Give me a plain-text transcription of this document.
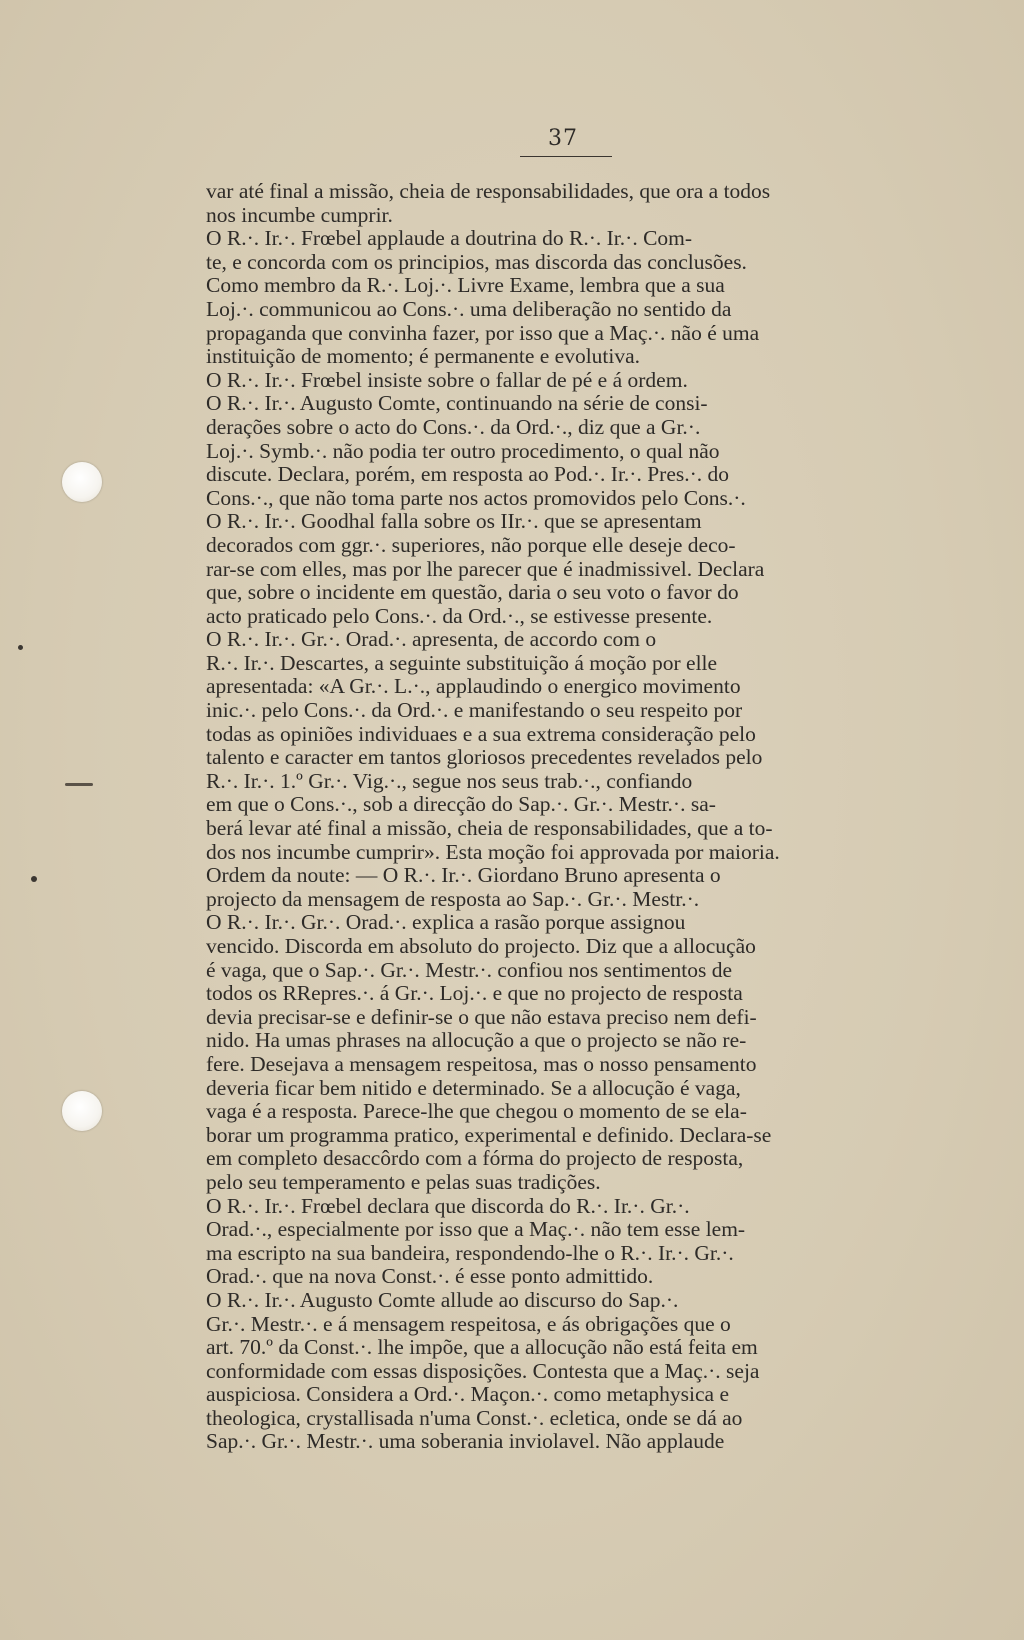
37
var até final a missão, cheia de responsabilidades, que ora a todos
nos incumbe cumprir.
O R.·. Ir.·. Frœbel applaude a doutrina do R.·. Ir.·. Com-
te, e concorda com os principios, mas discorda das conclusões.
Como membro da R.·. Loj.·. Livre Exame, lembra que a sua
Loj.·. communicou ao Cons.·. uma deliberação no sentido da
propaganda que convinha fazer, por isso que a Maç.·. não é uma
instituição de momento; é permanente e evolutiva.
O R.·. Ir.·. Frœbel insiste sobre o fallar de pé e á ordem.
O R.·. Ir.·. Augusto Comte, continuando na série de consi-
derações sobre o acto do Cons.·. da Ord.·., diz que a Gr.·.
Loj.·. Symb.·. não podia ter outro procedimento, o qual não
discute. Declara, porém, em resposta ao Pod.·. Ir.·. Pres.·. do
Cons.·., que não toma parte nos actos promovidos pelo Cons.·.
O R.·. Ir.·. Goodhal falla sobre os IIr.·. que se apresentam
decorados com ggr.·. superiores, não porque elle deseje deco-
rar-se com elles, mas por lhe parecer que é inadmissivel. Declara
que, sobre o incidente em questão, daria o seu voto o favor do
acto praticado pelo Cons.·. da Ord.·., se estivesse presente.
O R.·. Ir.·. Gr.·. Orad.·. apresenta, de accordo com o
R.·. Ir.·. Descartes, a seguinte substituição á moção por elle
apresentada: «A Gr.·. L.·., applaudindo o energico movimento
inic.·. pelo Cons.·. da Ord.·. e manifestando o seu respeito por
todas as opiniões individuaes e a sua extrema consideração pelo
talento e caracter em tantos gloriosos precedentes revelados pelo
R.·. Ir.·. 1.º Gr.·. Vig.·., segue nos seus trab.·., confiando
em que o Cons.·., sob a direcção do Sap.·. Gr.·. Mestr.·. sa-
berá levar até final a missão, cheia de responsabilidades, que a to-
dos nos incumbe cumprir». Esta moção foi approvada por maioria.
Ordem da noute: — O R.·. Ir.·. Giordano Bruno apresenta o
projecto da mensagem de resposta ao Sap.·. Gr.·. Mestr.·.
O R.·. Ir.·. Gr.·. Orad.·. explica a rasão porque assignou
vencido. Discorda em absoluto do projecto. Diz que a allocução
é vaga, que o Sap.·. Gr.·. Mestr.·. confiou nos sentimentos de
todos os RRepres.·. á Gr.·. Loj.·. e que no projecto de resposta
devia precisar-se e definir-se o que não estava preciso nem defi-
nido. Ha umas phrases na allocução a que o projecto se não re-
fere. Desejava a mensagem respeitosa, mas o nosso pensamento
deveria ficar bem nitido e determinado. Se a allocução é vaga,
vaga é a resposta. Parece-lhe que chegou o momento de se ela-
borar um programma pratico, experimental e definido. Declara-se
em completo desaccôrdo com a fórma do projecto de resposta,
pelo seu temperamento e pelas suas tradições.
O R.·. Ir.·. Frœbel declara que discorda do R.·. Ir.·. Gr.·.
Orad.·., especialmente por isso que a Maç.·. não tem esse lem-
ma escripto na sua bandeira, respondendo-lhe o R.·. Ir.·. Gr.·.
Orad.·. que na nova Const.·. é esse ponto admittido.
O R.·. Ir.·. Augusto Comte allude ao discurso do Sap.·.
Gr.·. Mestr.·. e á mensagem respeitosa, e ás obrigações que o
art. 70.º da Const.·. lhe impõe, que a allocução não está feita em
conformidade com essas disposições. Contesta que a Maç.·. seja
auspiciosa. Considera a Ord.·. Maçon.·. como metaphysica e
theologica, crystallisada n'uma Const.·. ecletica, onde se dá ao
Sap.·. Gr.·. Mestr.·. uma soberania inviolavel. Não applaude
